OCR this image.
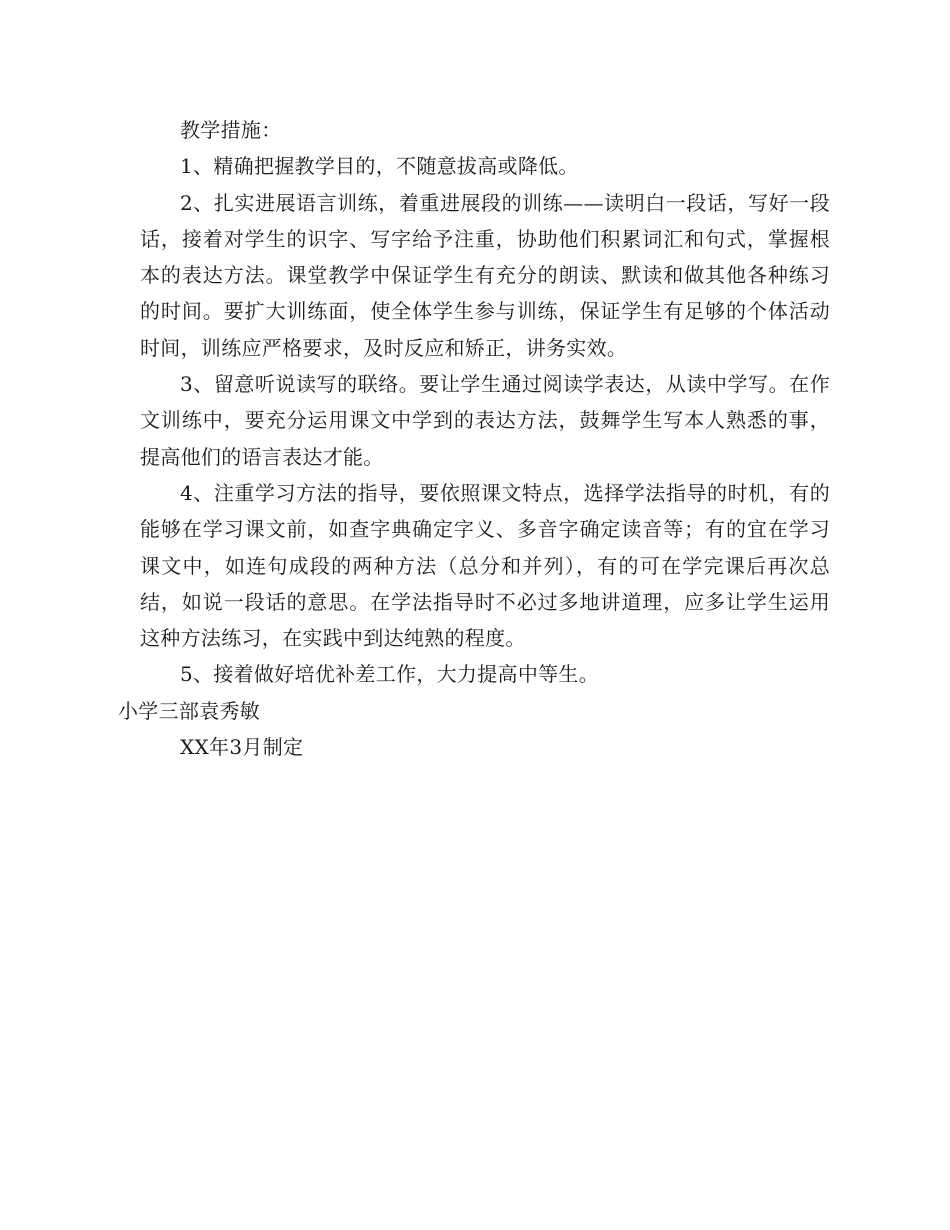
教学措施：

1、精确把握教学目的，不随意拔高或降低。

2、扎实进展语言训练，着重进展段的训练——读明白一段话，写好一段话，接着对学生的识字、写字给予注重，协助他们积累词汇和句式，掌握根本的表达方法。课堂教学中保证学生有充分的朗读、默读和做其他各种练习的时间。要扩大训练面，使全体学生参与训练，保证学生有足够的个体活动时间，训练应严格要求，及时反应和矫正，讲务实效。

3、留意听说读写的联络。要让学生通过阅读学表达，从读中学写。在作文训练中，要充分运用课文中学到的表达方法，鼓舞学生写本人熟悉的事，提高他们的语言表达才能。

4、注重学习方法的指导，要依照课文特点，选择学法指导的时机，有的能够在学习课文前，如查字典确定字义、多音字确定读音等；有的宜在学习课文中，如连句成段的两种方法（总分和并列），有的可在学完课后再次总结，如说一段话的意思。在学法指导时不必过多地讲道理，应多让学生运用这种方法练习，在实践中到达纯熟的程度。

5、接着做好培优补差工作，大力提高中等生。

小学三部袁秀敏

XX年3月制定
